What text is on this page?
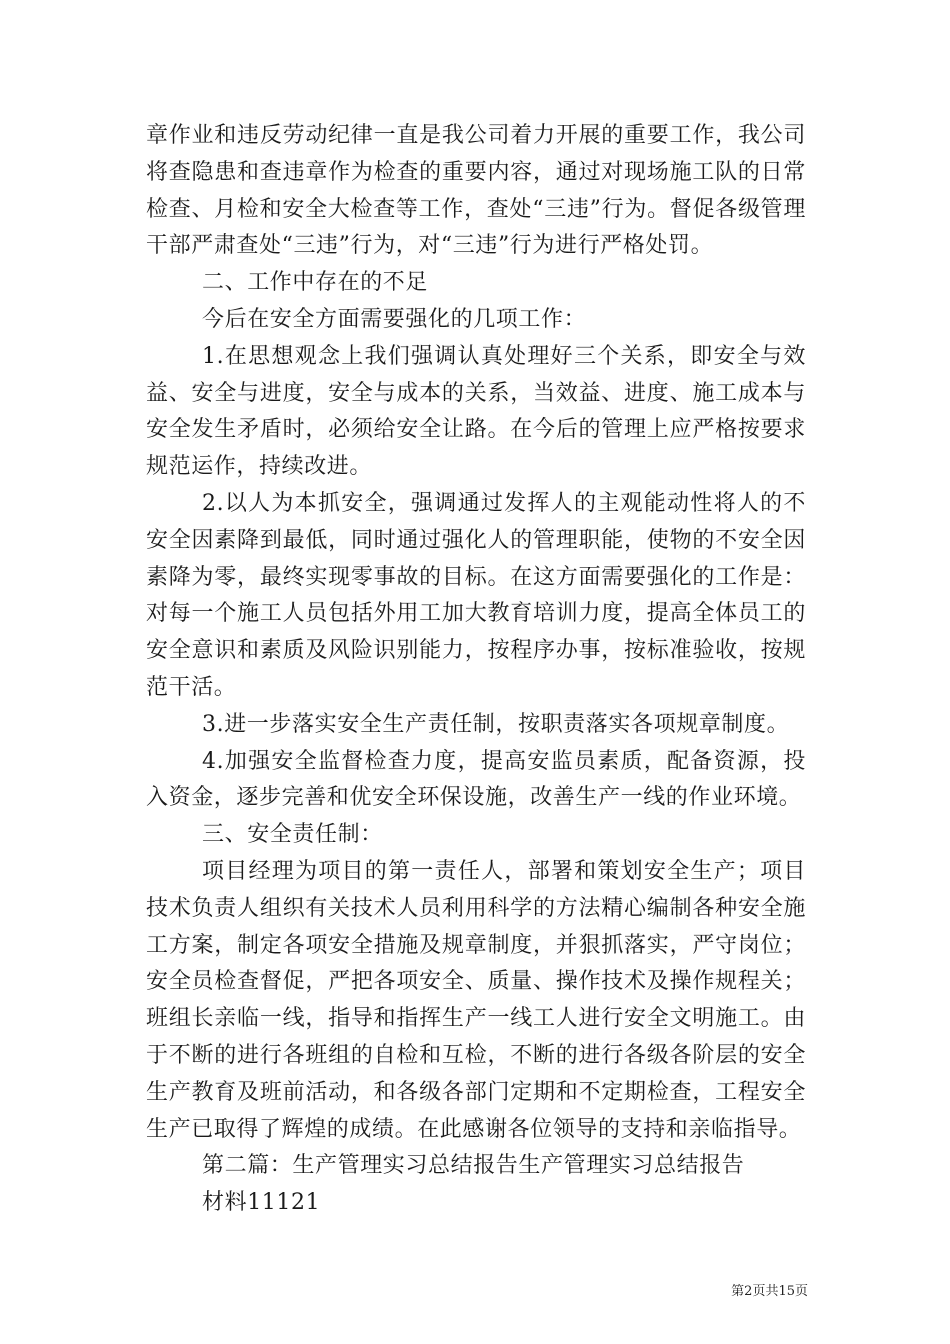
章作业和违反劳动纪律一直是我公司着力开展的重要工作，我公司将查隐患和查违章作为检查的重要内容，通过对现场施工队的日常检查、月检和安全大检查等工作，查处“三违”行为。督促各级管理干部严肃查处“三违”行为，对“三违”行为进行严格处罚。

二、工作中存在的不足

今后在安全方面需要强化的几项工作：

1.在思想观念上我们强调认真处理好三个关系，即安全与效益、安全与进度，安全与成本的关系，当效益、进度、施工成本与安全发生矛盾时，必须给安全让路。在今后的管理上应严格按要求规范运作，持续改进。

2.以人为本抓安全，强调通过发挥人的主观能动性将人的不安全因素降到最低，同时通过强化人的管理职能，使物的不安全因素降为零，最终实现零事故的目标。在这方面需要强化的工作是：对每一个施工人员包括外用工加大教育培训力度，提高全体员工的安全意识和素质及风险识别能力，按程序办事，按标准验收，按规范干活。

3.进一步落实安全生产责任制，按职责落实各项规章制度。

4.加强安全监督检查力度，提高安监员素质，配备资源，投入资金，逐步完善和优安全环保设施，改善生产一线的作业环境。

三、安全责任制：

项目经理为项目的第一责任人，部署和策划安全生产；项目技术负责人组织有关技术人员利用科学的方法精心编制各种安全施工方案，制定各项安全措施及规章制度，并狠抓落实，严守岗位；安全员检查督促，严把各项安全、质量、操作技术及操作规程关；班组长亲临一线，指导和指挥生产一线工人进行安全文明施工。由于不断的进行各班组的自检和互检，不断的进行各级各阶层的安全生产教育及班前活动，和各级各部门定期和不定期检查，工程安全生产已取得了辉煌的成绩。在此感谢各位领导的支持和亲临指导。

第二篇：生产管理实习总结报告生产管理实习总结报告

材料11121

第2页共15页
